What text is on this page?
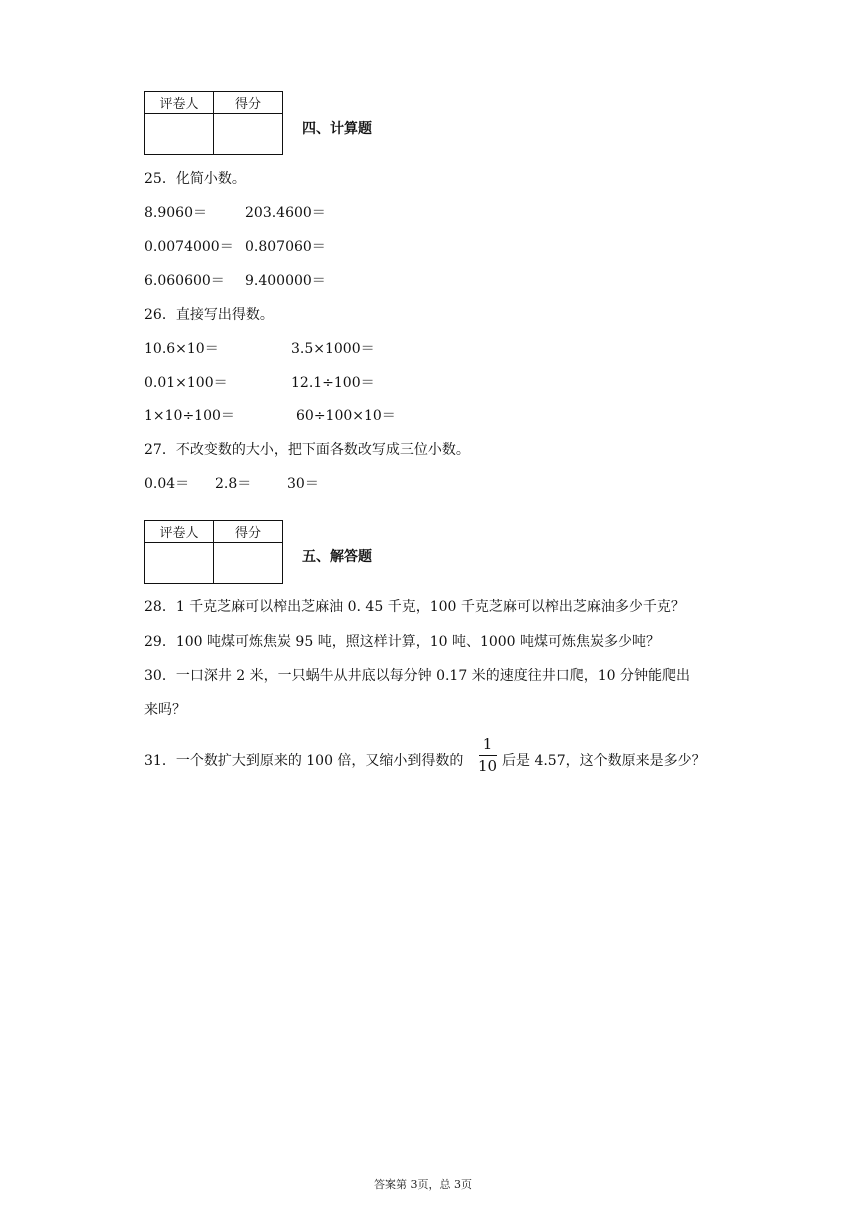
评卷人	得分

四、计算题
25．化简小数。
8.9060＝	203.4600＝
0.0074000＝ 0.807060＝
6.060600＝ 9.400000＝
26．直接写出得数。
10.6×10＝	3.5×1000＝
0.01×100＝	12.1÷100＝
1×10÷100＝	60÷100×10＝
27．不改变数的大小，把下面各数改写成三位小数。
0.04＝ 2.8＝	30＝
评卷人	得分

五、解答题
28．1 千克芝麻可以榨出芝麻油 0. 45 千克，100 千克芝麻可以榨出芝麻油多少千克？
29．100 吨煤可炼焦炭 95 吨，照这样计算，10 吨、1000 吨煤可炼焦炭多少吨？
30．一口深井 2 米，一只蜗牛从井底以每分钟 0.17 米的速度往井口爬，10 分钟能爬出
来吗？
31．一个数扩大到原来的 100 倍，又缩小到得数的
1
10 后是 4.57，这个数原来是多少？
答案第 3页，总 3页
